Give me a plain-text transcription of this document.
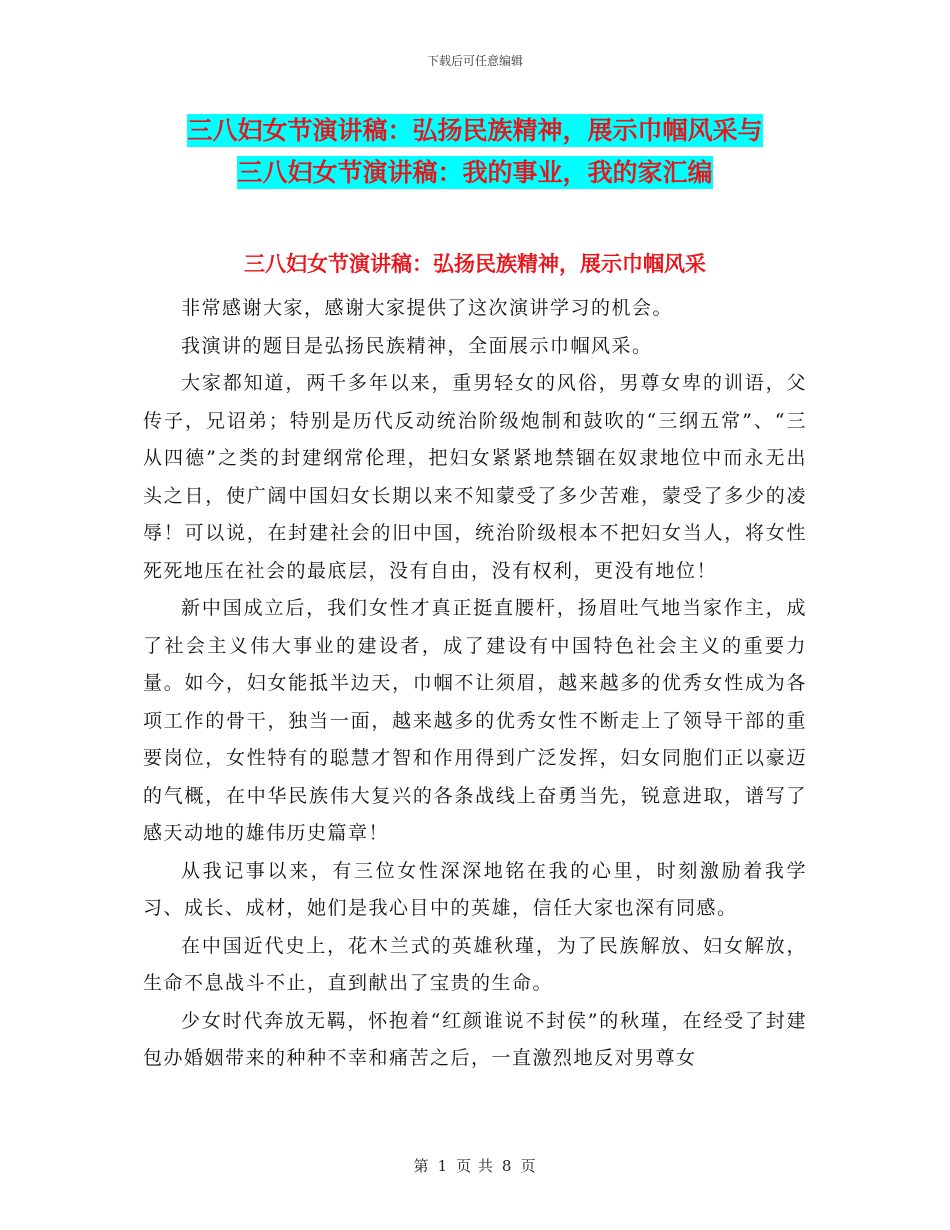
下载后可任意编辑
三八妇女节演讲稿：弘扬民族精神，展示巾帼风采与
三八妇女节演讲稿：我的事业，我的家汇编
三八妇女节演讲稿：弘扬民族精神，展示巾帼风采

非常感谢大家，感谢大家提供了这次演讲学习的机会。

我演讲的题目是弘扬民族精神，全面展示巾帼风采。

大家都知道，两千多年以来，重男轻女的风俗，男尊女卑的训语，父传子，兄诏弟；特别是历代反动统治阶级炮制和鼓吹的“三纲五常”、“三从四德”之类的封建纲常伦理，把妇女紧紧地禁锢在奴隶地位中而永无出头之日，使广阔中国妇女长期以来不知蒙受了多少苦难，蒙受了多少的凌辱！可以说，在封建社会的旧中国，统治阶级根本不把妇女当人，将女性死死地压在社会的最底层，没有自由，没有权利，更没有地位！

新中国成立后，我们女性才真正挺直腰杆，扬眉吐气地当家作主，成了社会主义伟大事业的建设者，成了建设有中国特色社会主义的重要力量。如今，妇女能抵半边天，巾帼不让须眉，越来越多的优秀女性成为各项工作的骨干，独当一面，越来越多的优秀女性不断走上了领导干部的重要岗位，女性特有的聪慧才智和作用得到广泛发挥，妇女同胞们正以豪迈的气概，在中华民族伟大复兴的各条战线上奋勇当先，锐意进取，谱写了感天动地的雄伟历史篇章！

从我记事以来，有三位女性深深地铭在我的心里，时刻激励着我学习、成长、成材，她们是我心目中的英雄，信任大家也深有同感。

在中国近代史上，花木兰式的英雄秋瑾，为了民族解放、妇女解放，生命不息战斗不止，直到献出了宝贵的生命。

少女时代奔放无羁，怀抱着“红颜谁说不封侯”的秋瑾，在经受了封建包办婚姻带来的种种不幸和痛苦之后，一直激烈地反对男尊女

第 1 页 共 8 页
